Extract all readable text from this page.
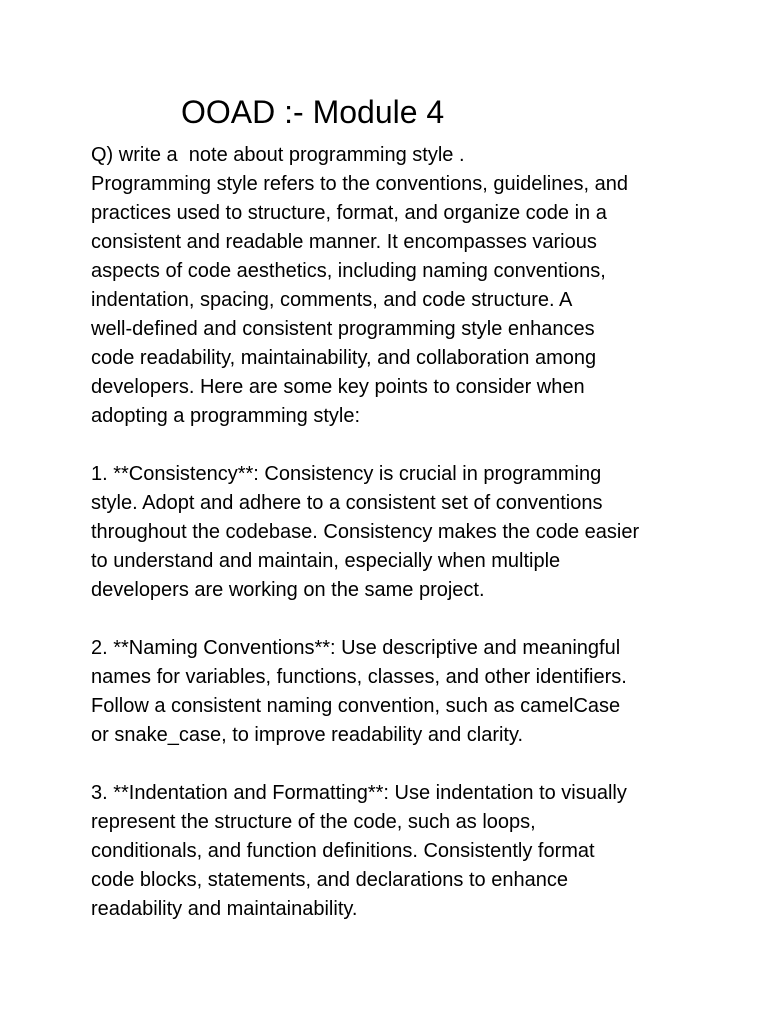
OOAD :- Module 4
Q) write a  note about programming style .
Programming style refers to the conventions, guidelines, and
practices used to structure, format, and organize code in a
consistent and readable manner. It encompasses various
aspects of code aesthetics, including naming conventions,
indentation, spacing, comments, and code structure. A
well-defined and consistent programming style enhances
code readability, maintainability, and collaboration among
developers. Here are some key points to consider when
adopting a programming style:
1. **Consistency**: Consistency is crucial in programming
style. Adopt and adhere to a consistent set of conventions
throughout the codebase. Consistency makes the code easier
to understand and maintain, especially when multiple
developers are working on the same project.
2. **Naming Conventions**: Use descriptive and meaningful
names for variables, functions, classes, and other identifiers.
Follow a consistent naming convention, such as camelCase
or snake_case, to improve readability and clarity.
3. **Indentation and Formatting**: Use indentation to visually
represent the structure of the code, such as loops,
conditionals, and function definitions. Consistently format
code blocks, statements, and declarations to enhance
readability and maintainability.
